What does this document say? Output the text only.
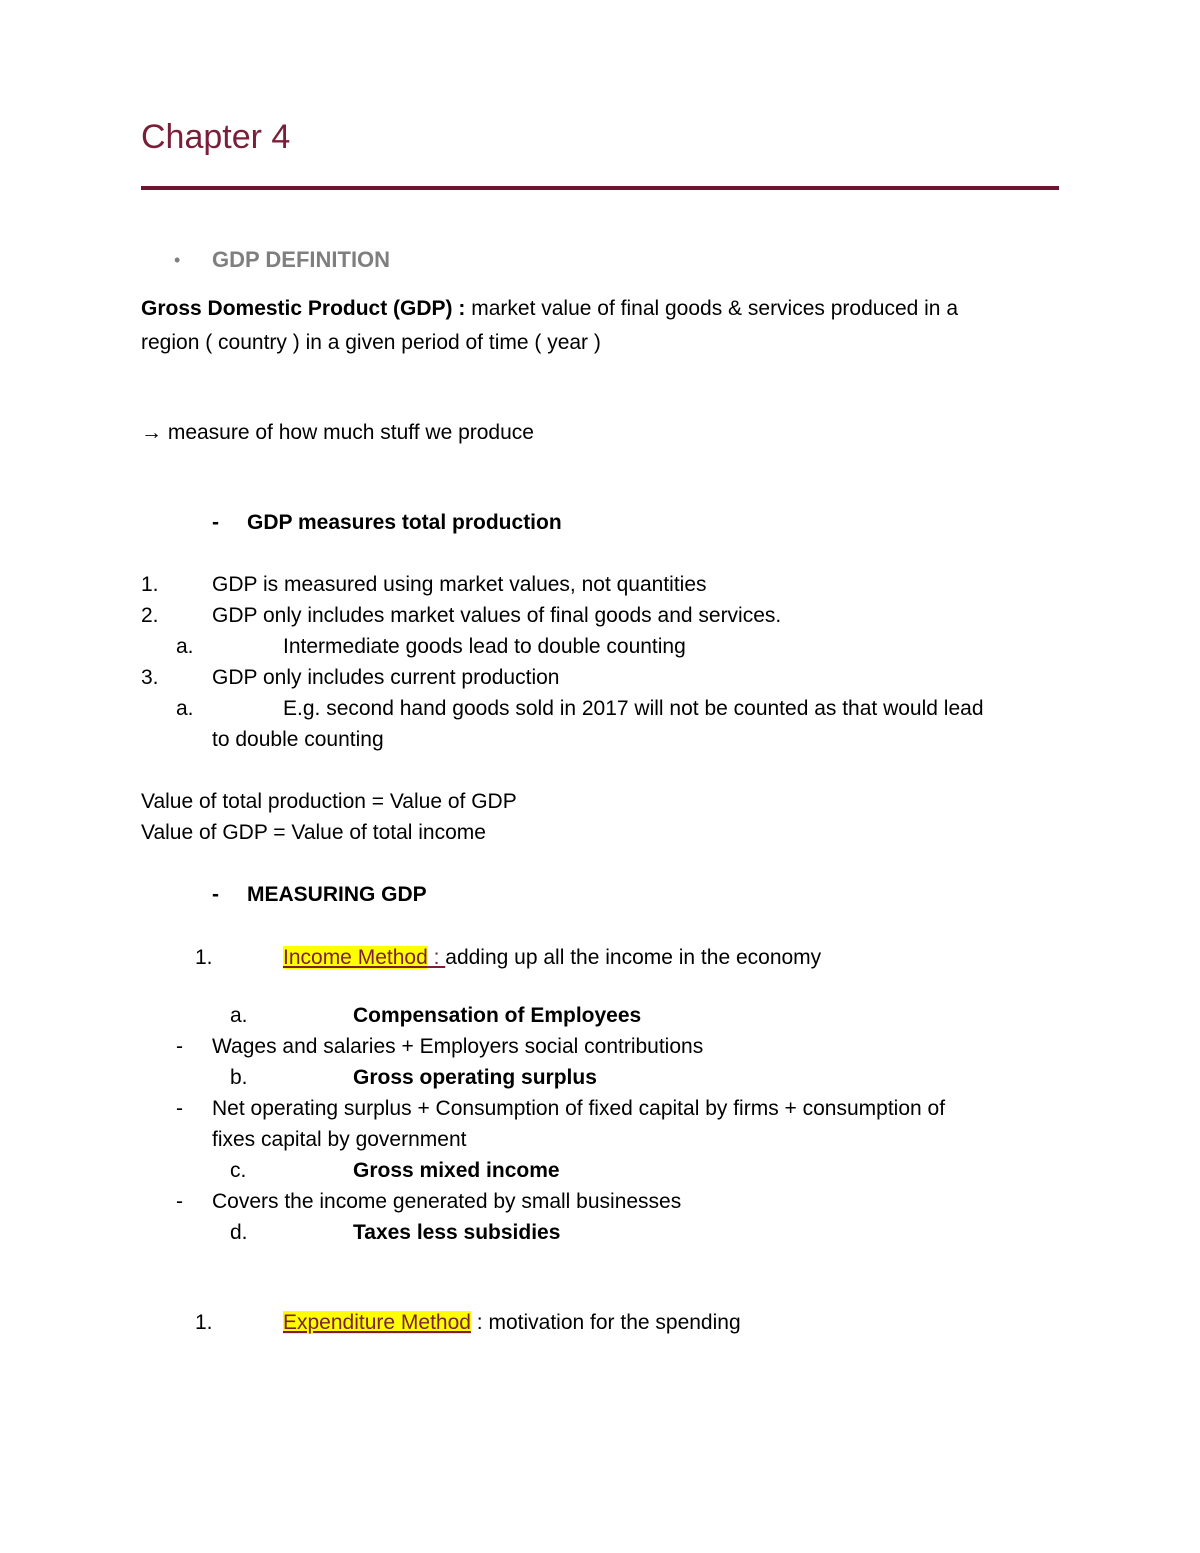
Chapter 4
• GDP DEFINITION
Gross Domestic Product (GDP) : market value of final goods & services produced in a
region ( country ) in a given period of time ( year )
→ measure of how much stuff we produce
- GDP measures total production
1.	GDP is measured using market values, not quantities
2.	GDP only includes market values of final goods and services.
a.	Intermediate goods lead to double counting
3.	GDP only includes current production
a.	E.g. second hand goods sold in 2017 will not be counted as that would lead
to double counting
Value of total production = Value of GDP
Value of GDP = Value of total income
- MEASURING GDP
1.	Income Method : adding up all the income in the economy
a.	Compensation of Employees
- Wages and salaries + Employers social contributions
b.	Gross operating surplus
- Net operating surplus + Consumption of fixed capital by firms + consumption of
fixes capital by government
c.	Gross mixed income
- Covers the income generated by small businesses
d.	Taxes less subsidies
1.	Expenditure Method : motivation for the spending
